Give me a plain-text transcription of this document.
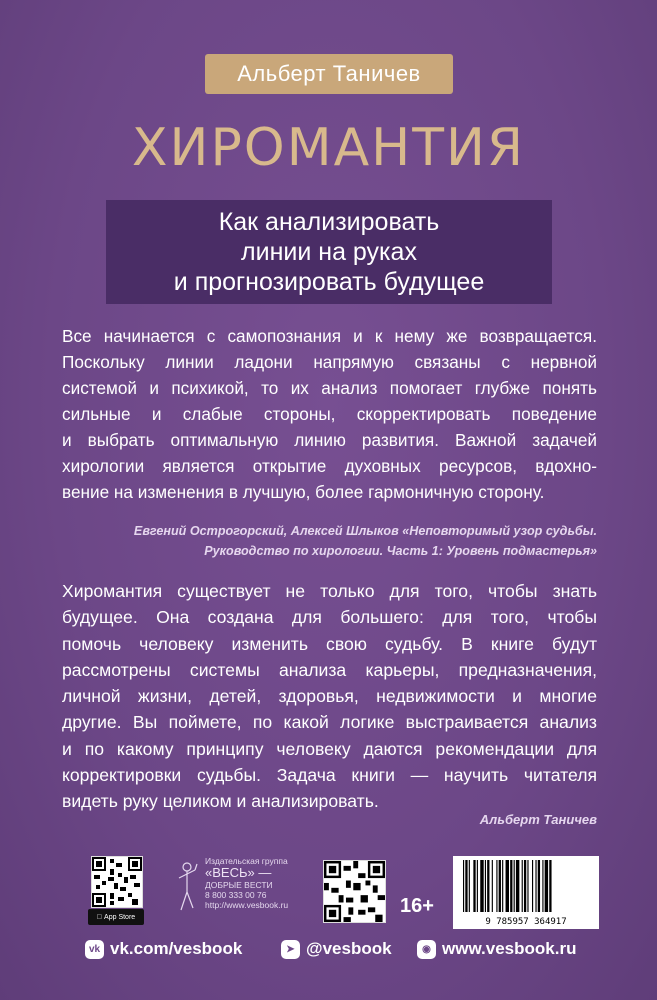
Альберт Таничев
ХИРОМАНТИЯ
Как анализировать
линии на руках
и прогнозировать будущее
Все начинается с самопознания и к нему же возвращается.
Поскольку линии ладони напрямую связаны с нервной
системой и психикой, то их анализ помогает глубже понять
сильные и слабые стороны, скорректировать поведение
и выбрать оптимальную линию развития. Важной задачей
хирологии является открытие духовных ресурсов, вдохно-
вение на изменения в лучшую, более гармоничную сторону.
Евгений Острогорский, Алексей Шлыков «Неповторимый узор судьбы.
Руководство по хирологии. Часть 1: Уровень подмастерья»
Хиромантия существует не только для того, чтобы знать
будущее. Она создана для большего: для того, чтобы
помочь человеку изменить свою судьбу. В книге будут
рассмотрены системы анализа карьеры, предназначения,
личной жизни, детей, здоровья, недвижимости и многие
другие. Вы поймете, по какой логике выстраивается анализ
и по какому принципу человеку даются рекомендации для
корректировки судьбы. Задача книги — научить читателя
видеть руку целиком и анализировать.
Альберт Таничев
App Store
Издательская группа
«ВЕСЬ» —
ДОБРЫЕ ВЕСТИ
8 800 333 00 76
http://www.vesbook.ru	16+
9 785957 364917
vk vk.com/vesbook	➤ @vesbook	◉ www.vesbook.ru
